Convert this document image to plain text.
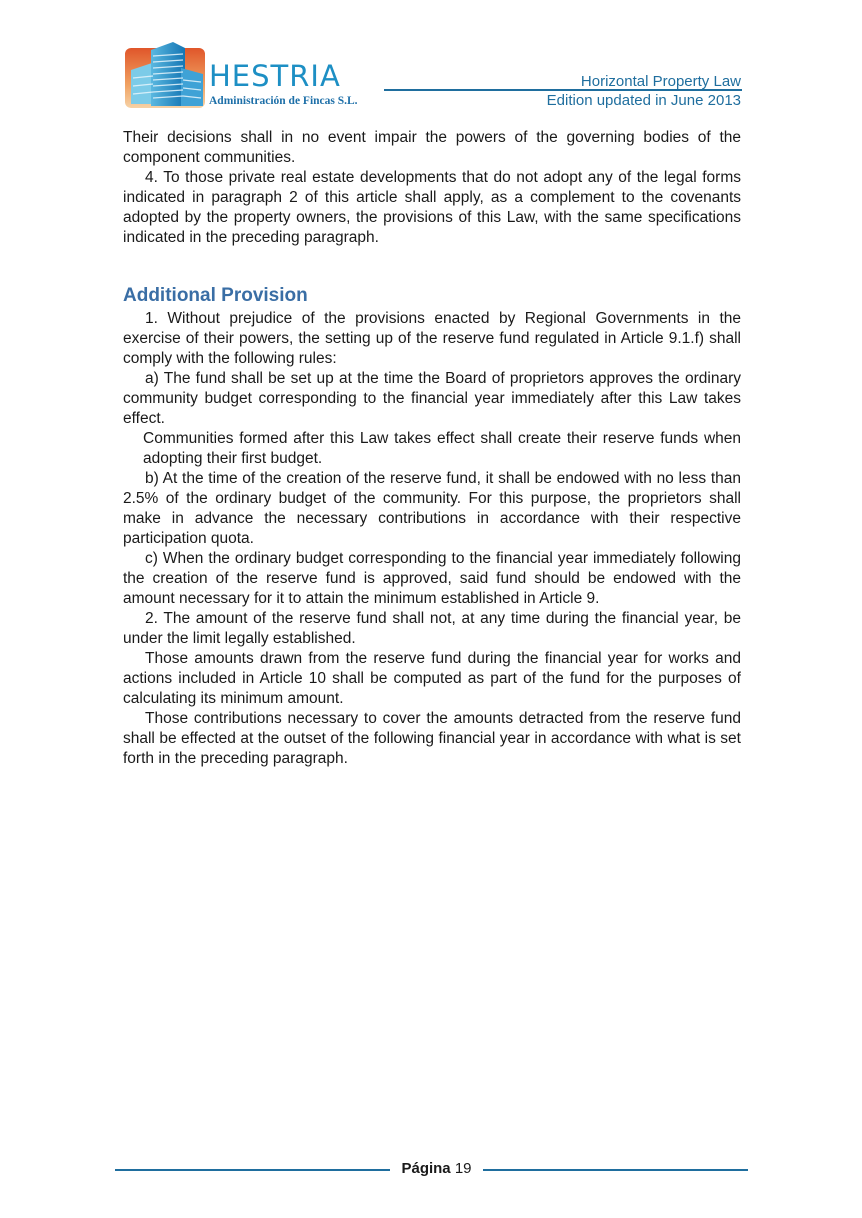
HESTRIA
Administración de Fincas S.L.
Horizontal Property Law
Edition updated in June 2013

Their decisions shall in no event impair the powers of the governing bodies of the component communities.

4. To those private real estate developments that do not adopt any of the legal forms indicated in paragraph 2 of this article shall apply, as a complement to the covenants adopted by the property owners, the provisions of this Law, with the same specifications indicated in the preceding paragraph.

Additional Provision

1. Without prejudice of the provisions enacted by Regional Governments in the exercise of their powers, the setting up of the reserve fund regulated in Article 9.1.f) shall comply with the following rules:

a) The fund shall be set up at the time the Board of proprietors approves the ordinary community budget corresponding to the financial year immediately after this Law takes effect.

Communities formed after this Law takes effect shall create their reserve funds when adopting their first budget.

b) At the time of the creation of the reserve fund, it shall be endowed with no less than 2.5% of the ordinary budget of the community. For this purpose, the proprietors shall make in advance the necessary contributions in accordance with their respective participation quota.

c) When the ordinary budget corresponding to the financial year immediately following the creation of the reserve fund is approved, said fund should be endowed with the amount necessary for it to attain the minimum established in Article 9.

2. The amount of the reserve fund shall not, at any time during the financial year, be under the limit legally established.

Those amounts drawn from the reserve fund during the financial year for works and actions included in Article 10 shall be computed as part of the fund for the purposes of calculating its minimum amount.

Those contributions necessary to cover the amounts detracted from the reserve fund shall be effected at the outset of the following financial year in accordance with what is set forth in the preceding paragraph.

Página 19
